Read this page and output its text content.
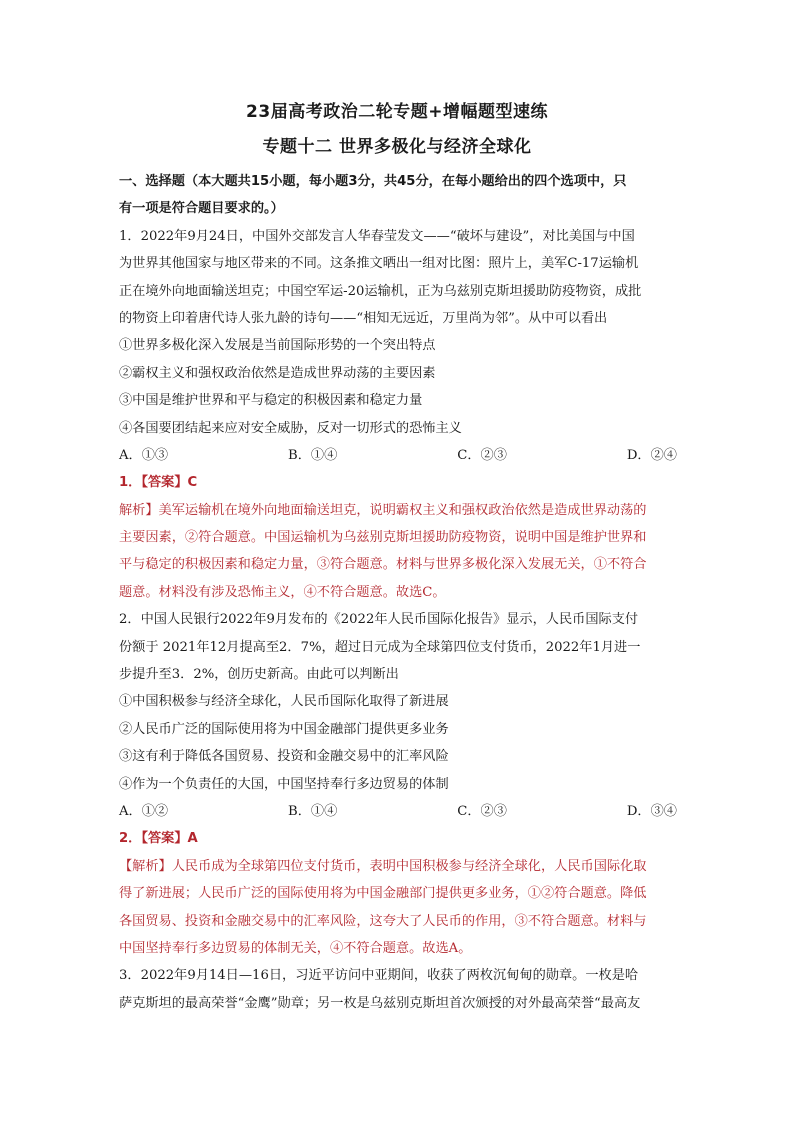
23届高考政治二轮专题+增幅题型速练
专题十二 世界多极化与经济全球化
一、选择题（本大题共15小题，每小题3分，共45分，在每小题给出的四个选项中，只
有一项是符合题目要求的。）
1．2022年9月24日，中国外交部发言人华春莹发文——“破坏与建设”，对比美国与中国
为世界其他国家与地区带来的不同。这条推文晒出一组对比图：照片上，美军C-17运输机
正在境外向地面输送坦克；中国空军运-20运输机，正为乌兹别克斯坦援助防疫物资，成批
的物资上印着唐代诗人张九龄的诗句——“相知无远近，万里尚为邻”。从中可以看出
①世界多极化深入发展是当前国际形势的一个突出特点
②霸权主义和强权政治依然是造成世界动荡的主要因素
③中国是维护世界和平与稳定的积极因素和稳定力量
④各国要团结起来应对安全威胁，反对一切形式的恐怖主义
A．①③	B．①④	C．②③	D．②④
1．【答案】C
解析】美军运输机在境外向地面输送坦克，说明霸权主义和强权政治依然是造成世界动荡的
主要因素，②符合题意。中国运输机为乌兹别克斯坦援助防疫物资，说明中国是维护世界和
平与稳定的积极因素和稳定力量，③符合题意。材料与世界多极化深入发展无关，①不符合
题意。材料没有涉及恐怖主义，④不符合题意。故选C。
2．中国人民银行2022年9月发布的《2022年人民币国际化报告》显示，人民币国际支付
份额于 2021年12月提高至2．7%，超过日元成为全球第四位支付货币，2022年1月进一
步提升至3．2%，创历史新高。由此可以判断出
①中国积极参与经济全球化，人民币国际化取得了新进展
②人民币广泛的国际使用将为中国金融部门提供更多业务
③这有利于降低各国贸易、投资和金融交易中的汇率风险
④作为一个负责任的大国，中国坚持奉行多边贸易的体制
A．①②	B．①④	C．②③	D．③④
2．【答案】A
【解析】人民币成为全球第四位支付货币，表明中国积极参与经济全球化，人民币国际化取
得了新进展；人民币广泛的国际使用将为中国金融部门提供更多业务，①②符合题意。降低
各国贸易、投资和金融交易中的汇率风险，这夸大了人民币的作用，③不符合题意。材料与
中国坚持奉行多边贸易的体制无关，④不符合题意。故选A。
3．2022年9月14日—16日，习近平访问中亚期间，收获了两枚沉甸甸的勋章。一枚是哈
萨克斯坦的最高荣誉“金鹰”勋章；另一枚是乌兹别克斯坦首次颁授的对外最高荣誉“最高友
